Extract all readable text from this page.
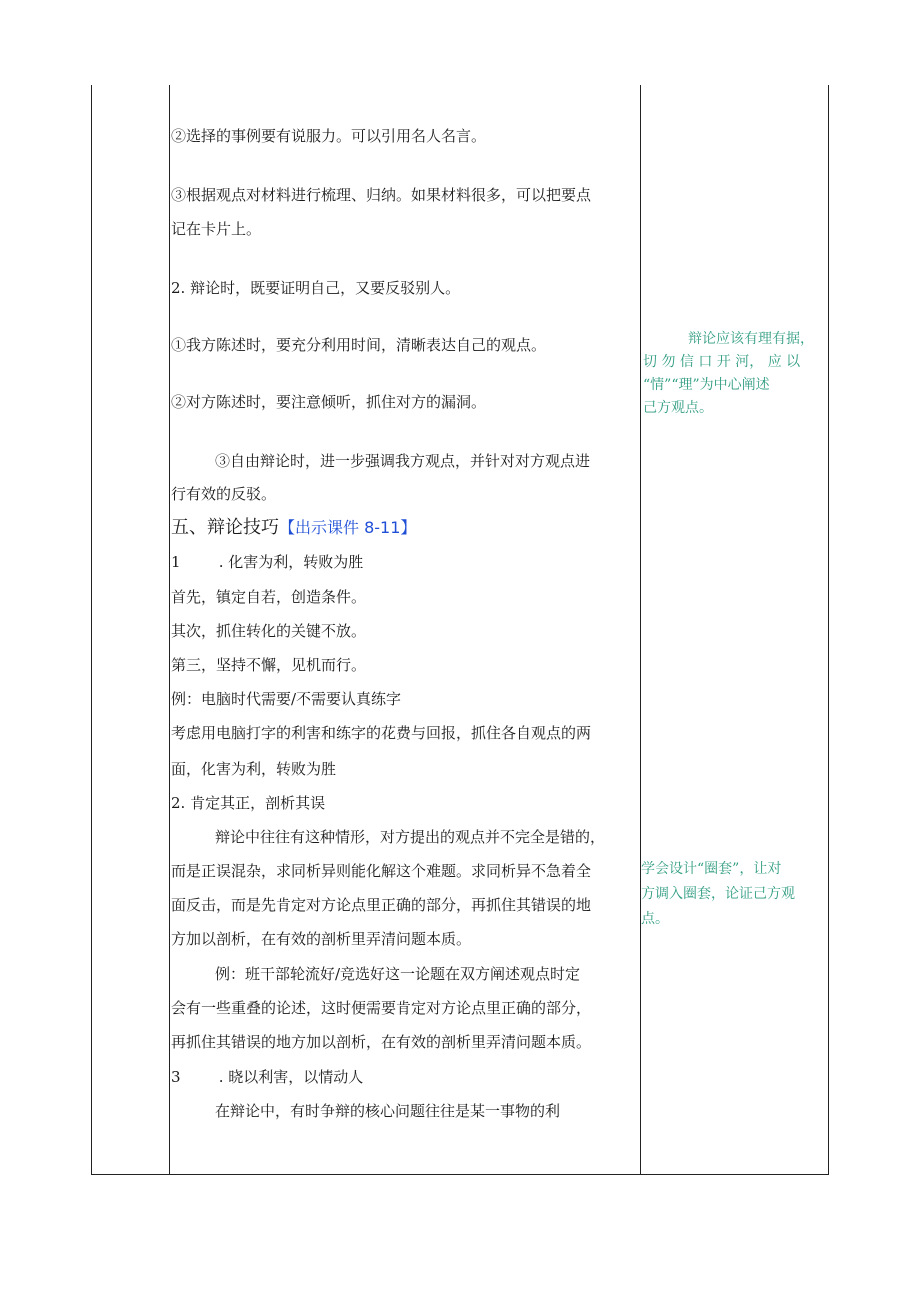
②选择的事例要有说服力。可以引用名人名言。
③根据观点对材料进行梳理、归纳。如果材料很多，可以把要点
记在卡片上。
2. 辩论时，既要证明自己，又要反驳别人。
①我方陈述时，要充分利用时间，清晰表达自己的观点。
②对方陈述时，要注意倾听，抓住对方的漏洞。
③自由辩论时，进一步强调我方观点，并针对对方观点进
行有效的反驳。
五、辩论技巧【出示课件 8-11】
1        . 化害为利，转败为胜
首先，镇定自若，创造条件。
其次，抓住转化的关键不放。
第三，坚持不懈，见机而行。
例：电脑时代需要/不需要认真练字
考虑用电脑打字的利害和练字的花费与回报，抓住各自观点的两
面，化害为利，转败为胜
2. 肯定其正，剖析其误
辩论中往往有这种情形，对方提出的观点并不完全是错的，
而是正误混杂，求同析异则能化解这个难题。求同析异不急着全
面反击，而是先肯定对方论点里正确的部分，再抓住其错误的地
方加以剖析，在有效的剖析里弄清问题本质。
例：班干部轮流好/竞选好这一论题在双方阐述观点时定
会有一些重叠的论述，这时便需要肯定对方论点里正确的部分，
再抓住其错误的地方加以剖析，在有效的剖析里弄清问题本质。
3        . 晓以利害，以情动人
在辩论中，有时争辩的核心问题往往是某一事物的利
辩论应该有理有据，
切 勿 信 口 开 河， 应 以
“情”“理”为中心阐述
己方观点。
学会设计“圈套”，让对
方调入圈套，论证己方观
点。
